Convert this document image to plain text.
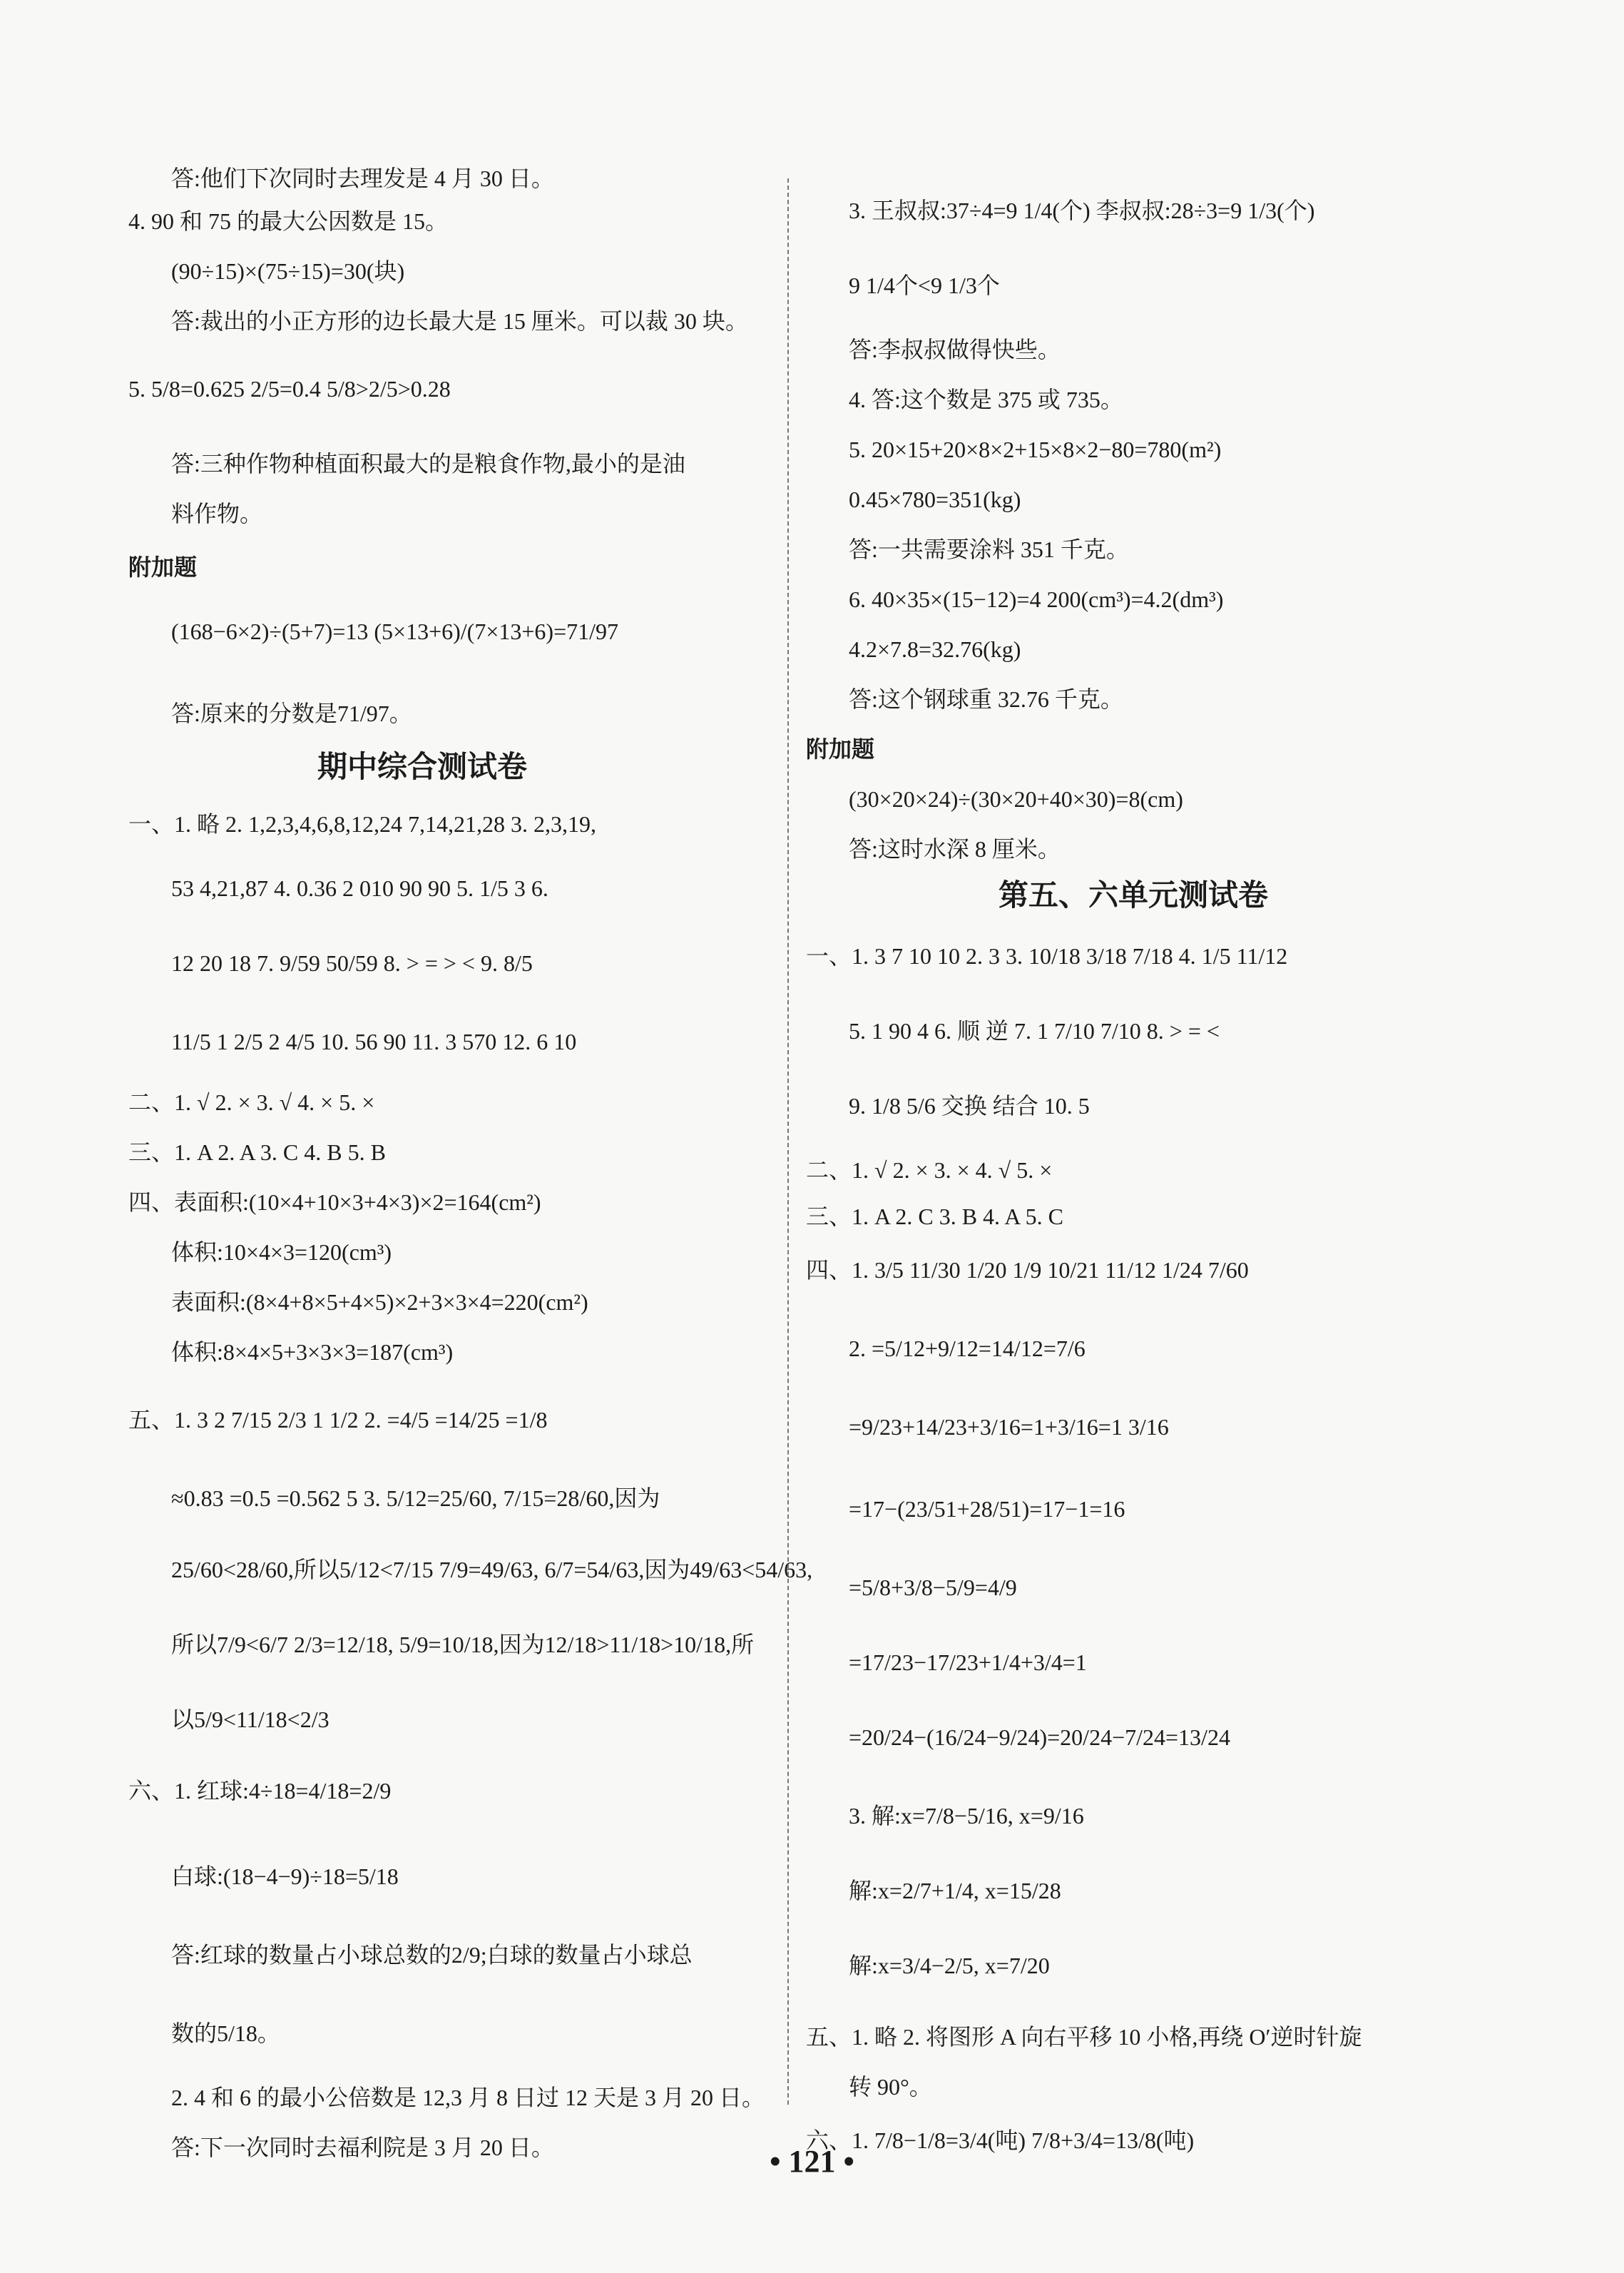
答:他们下次同时去理发是 4 月 30 日。
4. 90 和 75 的最大公因数是 15。
(90÷15)×(75÷15)=30(块)
答:裁出的小正方形的边长最大是 15 厘米。可以裁 30 块。
5. 5/8=0.625 2/5=0.4 5/8>2/5>0.28
答:三种作物种植面积最大的是粮食作物,最小的是油
料作物。
附加题
(168−6×2)÷(5+7)=13 (5×13+6)/(7×13+6)=71/97
答:原来的分数是71/97。
期中综合测试卷
一、1. 略 2. 1,2,3,4,6,8,12,24 7,14,21,28 3. 2,3,19,
53 4,21,87 4. 0.36 2 010 90 90 5. 1/5 3 6.
12 20 18 7. 9/59 50/59 8. > = > < 9. 8/5
11/5 1 2/5 2 4/5 10. 56 90 11. 3 570 12. 6 10
二、1. √ 2. × 3. √ 4. × 5. ×
三、1. A 2. A 3. C 4. B 5. B
四、表面积:(10×4+10×3+4×3)×2=164(cm²)
体积:10×4×3=120(cm³)
表面积:(8×4+8×5+4×5)×2+3×3×4=220(cm²)
体积:8×4×5+3×3×3=187(cm³)
五、1. 3 2 7/15 2/3 1 1/2 2. =4/5 =14/25 =1/8
≈0.83 =0.5 =0.562 5 3. 5/12=25/60, 7/15=28/60,因为
25/60<28/60,所以5/12<7/15 7/9=49/63, 6/7=54/63,因为49/63<54/63,
所以7/9<6/7 2/3=12/18, 5/9=10/18,因为12/18>11/18>10/18,所
以5/9<11/18<2/3
六、1. 红球:4÷18=4/18=2/9
白球:(18−4−9)÷18=5/18
答:红球的数量占小球总数的2/9;白球的数量占小球总
数的5/18。
2. 4 和 6 的最小公倍数是 12,3 月 8 日过 12 天是 3 月 20 日。
答:下一次同时去福利院是 3 月 20 日。
3. 王叔叔:37÷4=9 1/4(个) 李叔叔:28÷3=9 1/3(个)
9 1/4个<9 1/3个
答:李叔叔做得快些。
4. 答:这个数是 375 或 735。
5. 20×15+20×8×2+15×8×2−80=780(m²)
0.45×780=351(kg)
答:一共需要涂料 351 千克。
6. 40×35×(15−12)=4 200(cm³)=4.2(dm³)
4.2×7.8=32.76(kg)
答:这个钢球重 32.76 千克。
附加题
(30×20×24)÷(30×20+40×30)=8(cm)
答:这时水深 8 厘米。
第五、六单元测试卷
一、1. 3 7 10 10 2. 3 3. 10/18 3/18 7/18 4. 1/5 11/12
5. 1 90 4 6. 顺 逆 7. 1 7/10 7/10 8. > = <
9. 1/8 5/6 交换 结合 10. 5
二、1. √ 2. × 3. × 4. √ 5. ×
三、1. A 2. C 3. B 4. A 5. C
四、1. 3/5 11/30 1/20 1/9 10/21 11/12 1/24 7/60
2. =5/12+9/12=14/12=7/6
=9/23+14/23+3/16=1+3/16=1 3/16
=17−(23/51+28/51)=17−1=16
=5/8+3/8−5/9=4/9
=17/23−17/23+1/4+3/4=1
=20/24−(16/24−9/24)=20/24−7/24=13/24
3. 解:x=7/8−5/16, x=9/16
解:x=2/7+1/4, x=15/28
解:x=3/4−2/5, x=7/20
五、1. 略 2. 将图形 A 向右平移 10 小格,再绕 O′逆时针旋
转 90°。
六、1. 7/8−1/8=3/4(吨) 7/8+3/4=13/8(吨)
• 121 •
